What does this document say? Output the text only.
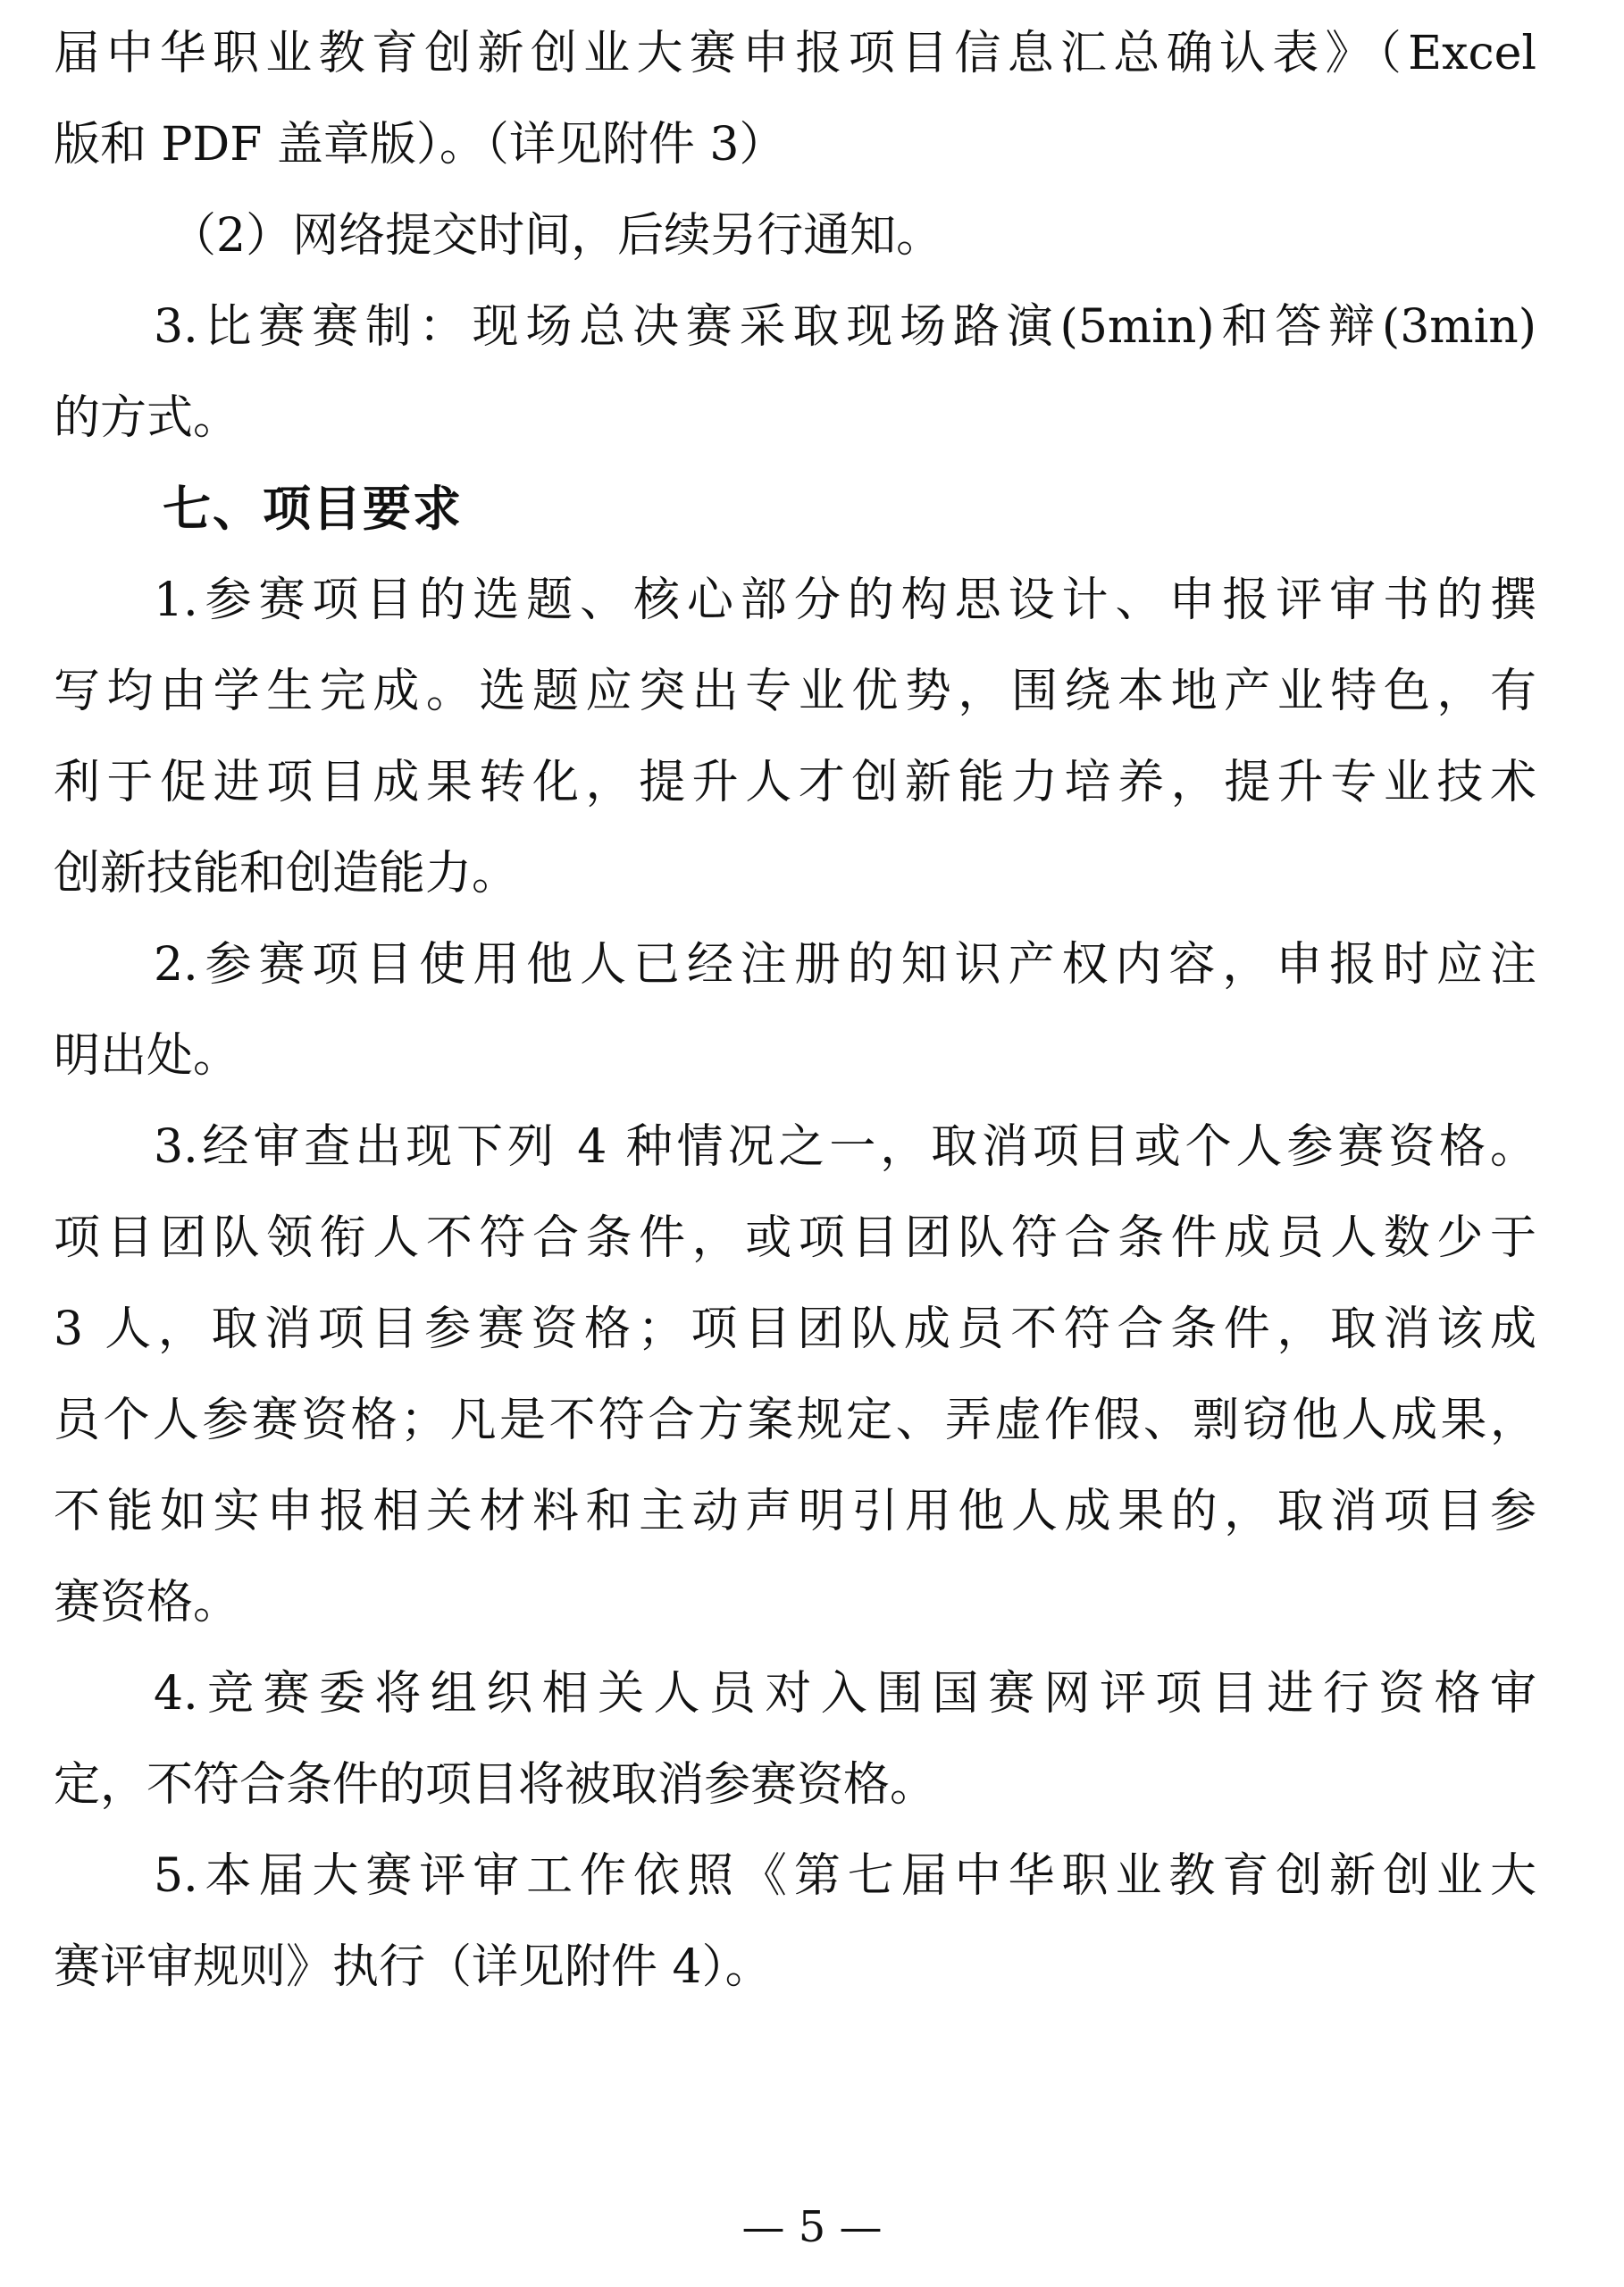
届中华职业教育创新创业大赛申报项目信息汇总确认表》（Excel
版和 PDF 盖章版）。（详见附件 3）
（2）网络提交时间，后续另行通知。
3.比赛赛制：现场总决赛采取现场路演(5min)和答辩(3min)
的方式。
七、项目要求
1.参赛项目的选题、核心部分的构思设计、申报评审书的撰
写均由学生完成。选题应突出专业优势，围绕本地产业特色，有
利于促进项目成果转化，提升人才创新能力培养，提升专业技术
创新技能和创造能力。
2.参赛项目使用他人已经注册的知识产权内容，申报时应注
明出处。
3.经审查出现下列 4 种情况之一，取消项目或个人参赛资格。
项目团队领衔人不符合条件，或项目团队符合条件成员人数少于
3 人，取消项目参赛资格；项目团队成员不符合条件，取消该成
员个人参赛资格；凡是不符合方案规定、弄虚作假、剽窃他人成果，
不能如实申报相关材料和主动声明引用他人成果的，取消项目参
赛资格。
4.竞赛委将组织相关人员对入围国赛网评项目进行资格审
定，不符合条件的项目将被取消参赛资格。
5.本届大赛评审工作依照《第七届中华职业教育创新创业大
赛评审规则》执行（详见附件 4）。
— 5 —
